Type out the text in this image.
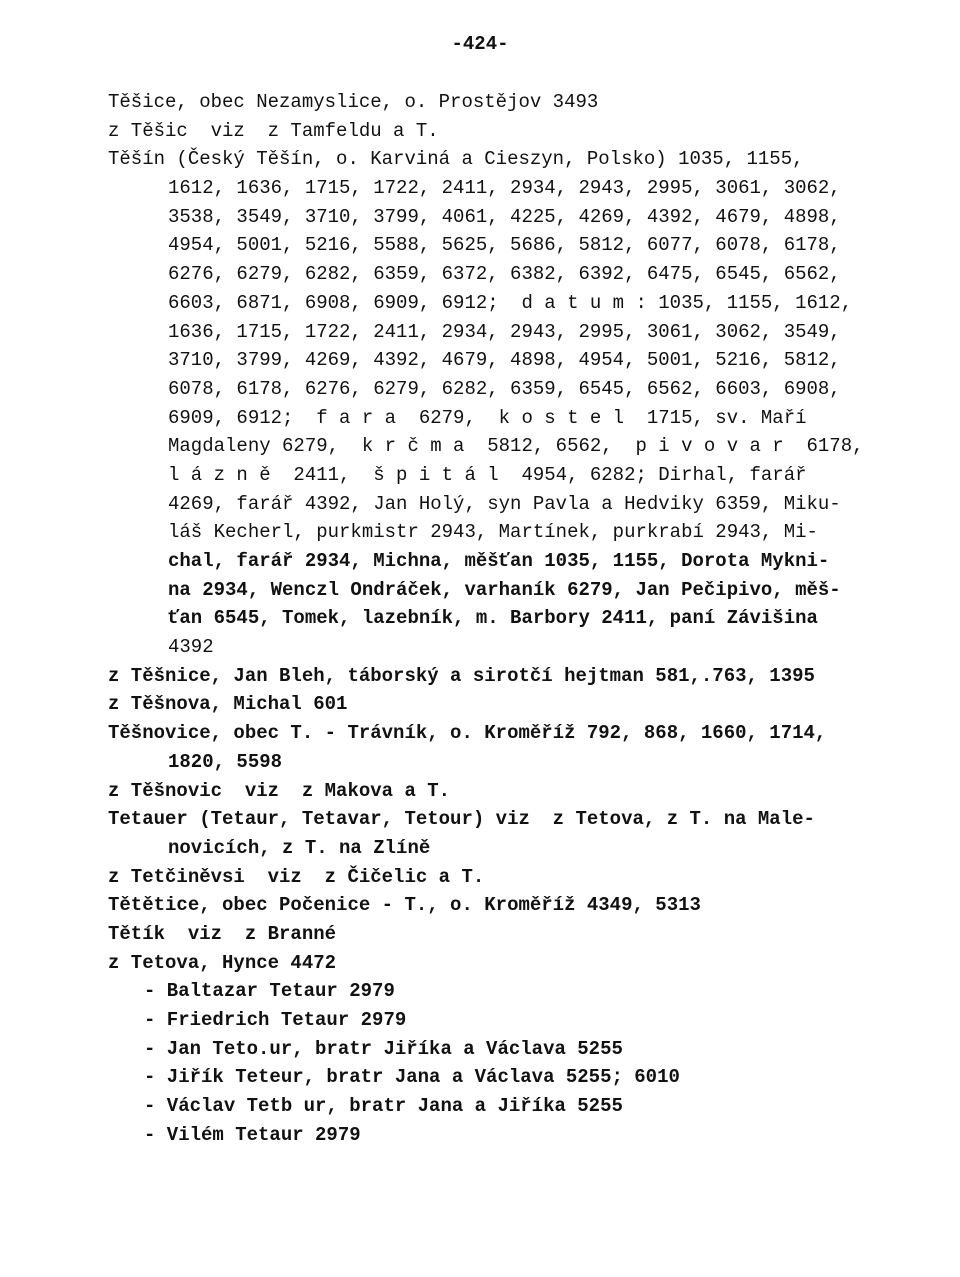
-424-
Těšice, obec Nezamyslice, o. Prostějov 3493
z Těšic  viz  z Tamfeldu a T.
Těšín (Český Těšín, o. Karviná a Cieszyn, Polsko) 1035, 1155,
1612, 1636, 1715, 1722, 2411, 2934, 2943, 2995, 3061, 3062,
3538, 3549, 3710, 3799, 4061, 4225, 4269, 4392, 4679, 4898,
4954, 5001, 5216, 5588, 5625, 5686, 5812, 6077, 6078, 6178,
6276, 6279, 6282, 6359, 6372, 6382, 6392, 6475, 6545, 6562,
6603, 6871, 6908, 6909, 6912;  d a t u m : 1035, 1155, 1612,
1636, 1715, 1722, 2411, 2934, 2943, 2995, 3061, 3062, 3549,
3710, 3799, 4269, 4392, 4679, 4898, 4954, 5001, 5216, 5812,
6078, 6178, 6276, 6279, 6282, 6359, 6545, 6562, 6603, 6908,
6909, 6912;  f a r a  6279,  k o s t e l  1715, sv. Maří
Magdaleny 6279,  k r č m a  5812, 6562,  p i v o v a r  6178,
l á z n ě  2411,  š p i t á l  4954, 6282; Dirhal, farář
4269, farář 4392, Jan Holý, syn Pavla a Hedviky 6359, Miku-
láš Kecherl, purkmistr 2943, Martínek, purkrabí 2943, Mi-
chal, farář 2934, Michna, měšťan 1035, 1155, Dorota Mykni-
na 2934, Wenczl Ondráček, varhaník 6279, Jan Pečipivo, měš-
ťan 6545, Tomek, lazebník, m. Barbory 2411, paní Závišina
4392
z Těšnice, Jan Bleh, táborský a sirotčí hejtman 581,.763, 1395
z Těšnova, Michal 601
Těšnovice, obec T. - Trávník, o. Kroměříž 792, 868, 1660, 1714,
1820, 5598
z Těšnovic  viz  z Makova a T.
Tetauer (Tetaur, Tetavar, Tetour) viz  z Tetova, z T. na Male-
novicích, z T. na Zlíně
z Tetčiněvsi  viz  z Čičelic a T.
Tětětice, obec Počenice - T., o. Kroměříž 4349, 5313
Tětík  viz  z Branné
z Tetova, Hynce 4472
- Baltazar Tetaur 2979
- Friedrich Tetaur 2979
- Jan Teto.ur, bratr Jiříka a Václava 5255
- Jiřík Teteur, bratr Jana a Václava 5255; 6010
- Václav Tetb ur, bratr Jana a Jiříka 5255
- Vilém Tetaur 2979
